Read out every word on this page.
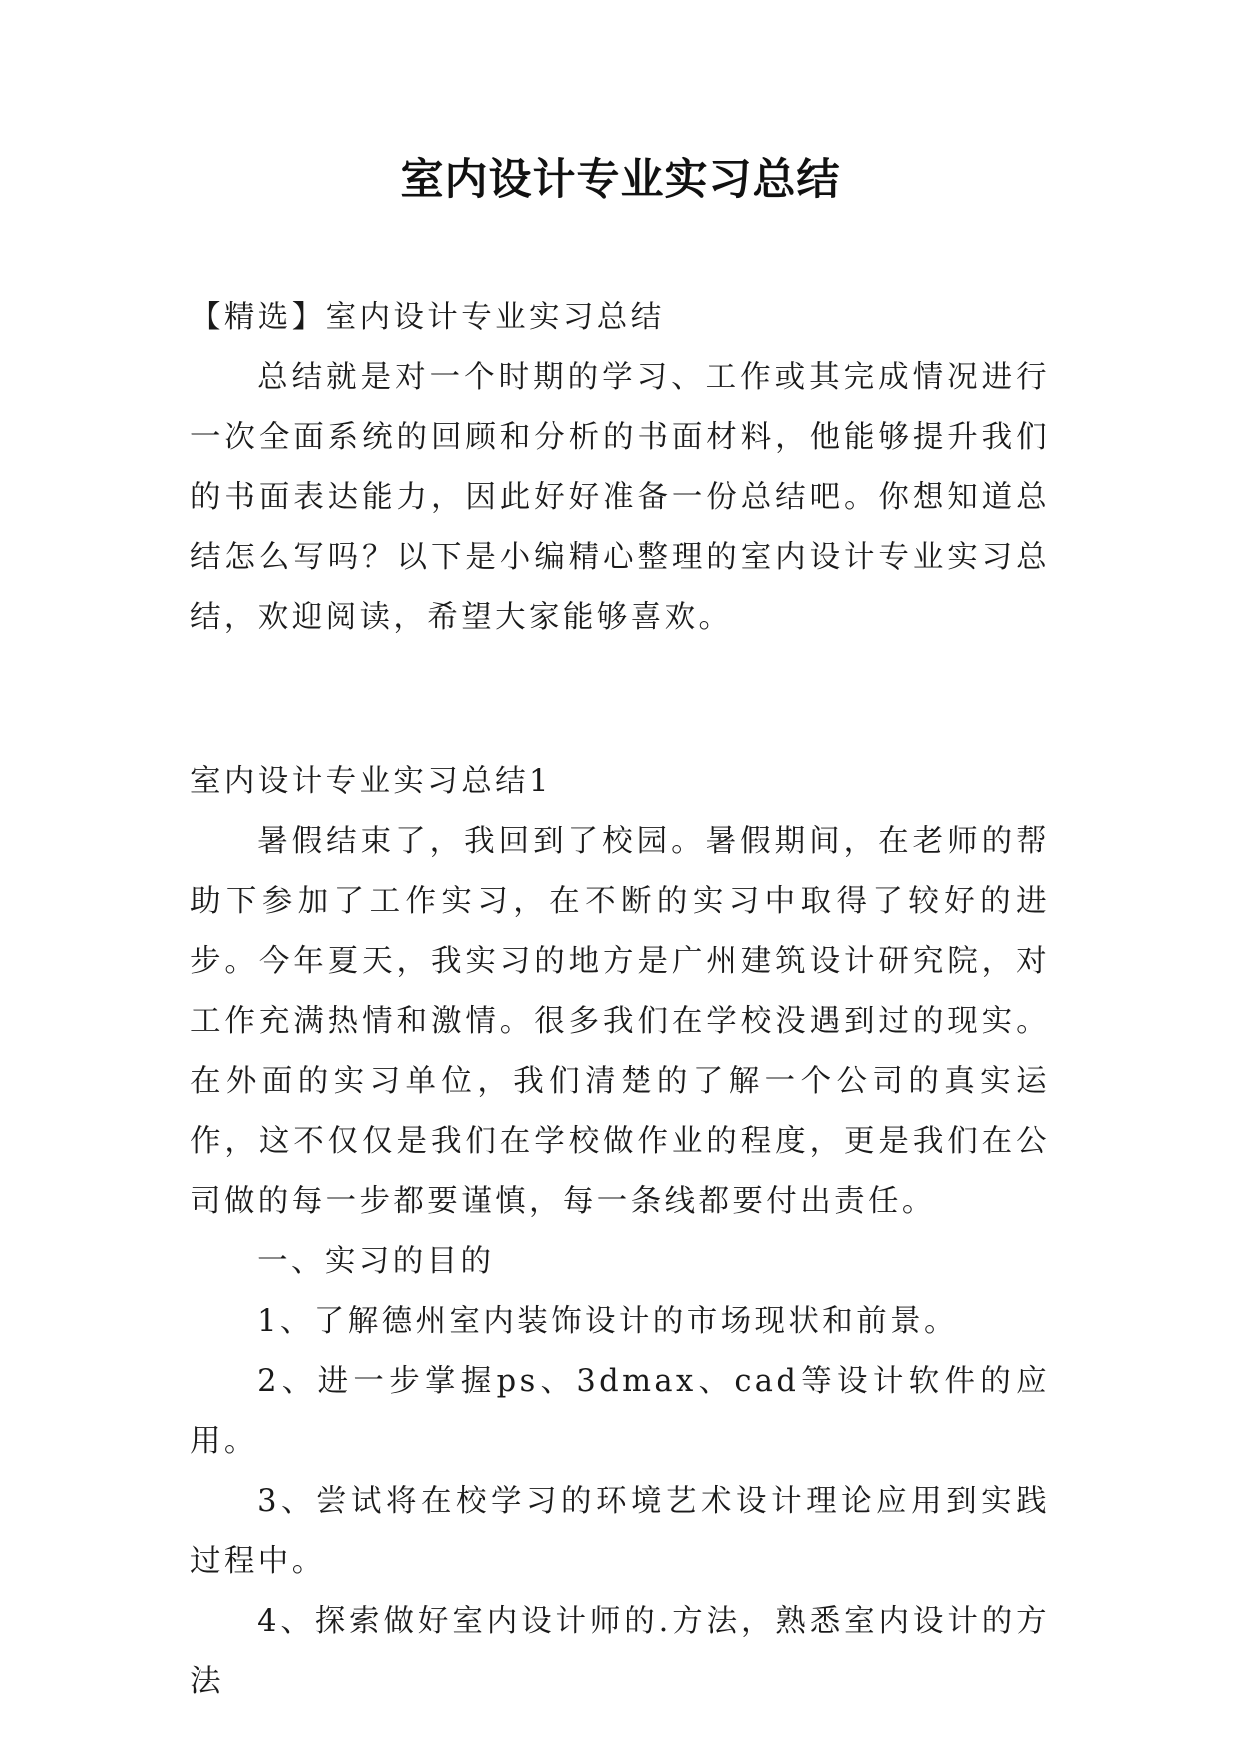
室内设计专业实习总结

【精选】室内设计专业实习总结

总结就是对一个时期的学习、工作或其完成情况进行一次全面系统的回顾和分析的书面材料，他能够提升我们的书面表达能力，因此好好准备一份总结吧。你想知道总结怎么写吗？以下是小编精心整理的室内设计专业实习总结，欢迎阅读，希望大家能够喜欢。

室内设计专业实习总结1

暑假结束了，我回到了校园。暑假期间，在老师的帮助下参加了工作实习，在不断的实习中取得了较好的进步。今年夏天，我实习的地方是广州建筑设计研究院，对工作充满热情和激情。很多我们在学校没遇到过的现实。在外面的实习单位，我们清楚的了解一个公司的真实运作，这不仅仅是我们在学校做作业的程度，更是我们在公司做的每一步都要谨慎，每一条线都要付出责任。

一、实习的目的

1、了解德州室内装饰设计的市场现状和前景。

2、进一步掌握ps、3dmax、cad等设计软件的应用。

3、尝试将在校学习的环境艺术设计理论应用到实践过程中。

4、探索做好室内设计师的.方法，熟悉室内设计的方法
